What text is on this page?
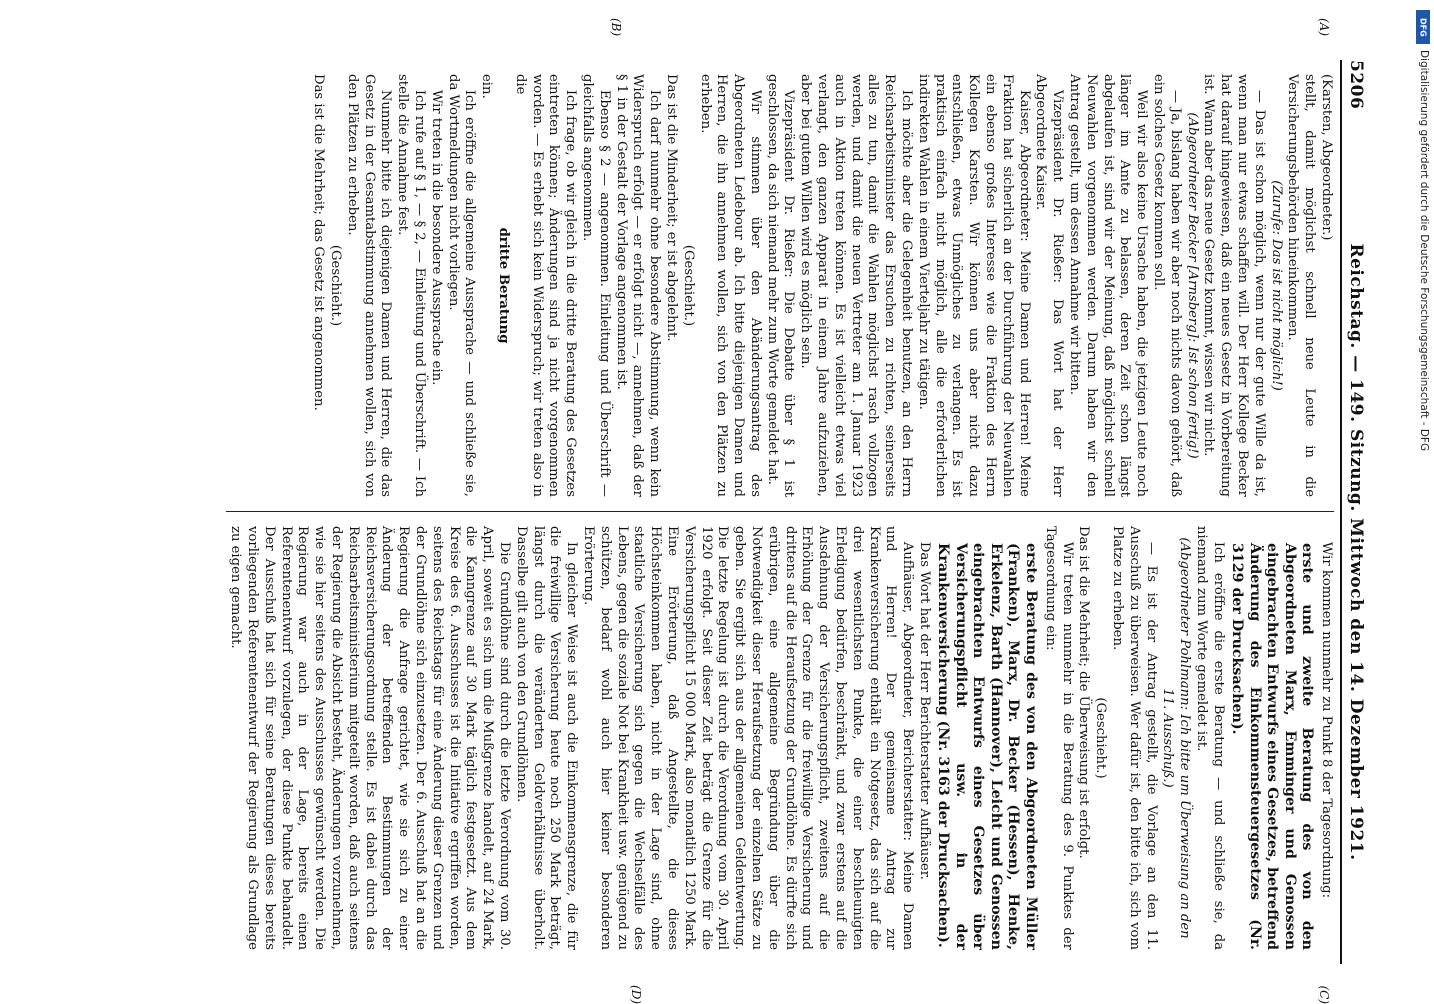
5206
Reichstag. — 149. Sitzung. Mittwoch den 14. Dezember 1921.
(A)
(B)

(Karsten, Abgeordneter.)

stellt, damit möglichst schnell neue Leute in die Versicherungsbehörden hineinkommen.

(Zurufe: Das ist nicht möglich!)

— Das ist schon möglich, wenn nur der gute Wille da ist, wenn man nur etwas schaffen will. Der Herr Kollege Becker hat darauf hingewiesen, daß ein neues Gesetz in Vorbereitung ist. Wann aber das neue Gesetz kommt, wissen wir nicht.

(Abgeordneter Becker [Arnsberg]: Ist schon fertig!)

— Ja, bislang haben wir aber noch nichts davon gehört, daß ein solches Gesetz kommen soll.

Weil wir also keine Ursache haben, die jetzigen Leute noch länger im Amte zu belassen, deren Zeit schon längst abgelaufen ist, sind wir der Meinung, daß möglichst schnell Neuwahlen vorgenommen werden. Darum haben wir den Antrag gestellt, um dessen Annahme wir bitten.

Vizepräsident Dr. Rießer: Das Wort hat der Herr Abgeordnete Kaiser.

Kaiser, Abgeordneter: Meine Damen und Herren! Meine Fraktion hat sicherlich an der Durchführung der Neuwahlen ein ebenso großes Interesse wie die Fraktion des Herrn Kollegen Karsten. Wir können uns aber nicht dazu entschließen, etwas Unmögliches zu verlangen. Es ist praktisch einfach nicht möglich, alle die erforderlichen indirekten Wahlen in einem Vierteljahr zu tätigen.

Ich möchte aber die Gelegenheit benutzen, an den Herrn Reichsarbeitsminister das Ersuchen zu richten, seinerseits alles zu tun, damit die Wahlen möglichst rasch vollzogen werden, und damit die neuen Vertreter am 1. Januar 1923 auch in Aktion treten können. Es ist vielleicht etwas viel verlangt, den ganzen Apparat in einem Jahre aufzuziehen, aber bei gutem Willen wird es möglich sein.

Vizepräsident Dr. Rießer: Die Debatte über § 1 ist geschlossen, da sich niemand mehr zum Worte gemeldet hat.

Wir stimmen über den Abänderungsantrag des Abgeordneten Ledebour ab. Ich bitte diejenigen Damen und Herren, die ihn annehmen wollen, sich von den Plätzen zu erheben.

(Geschieht.)

Das ist die Minderheit; er ist abgelehnt.

Ich darf nunmehr ohne besondere Abstimmung, wenn kein Widerspruch erfolgt — er erfolgt nicht —, annehmen, daß der § 1 in der Gestalt der Vorlage angenommen ist.

Ebenso § 2 — angenommen. Einleitung und Überschrift — gleichfalls angenommen.

Ich frage, ob wir gleich in die dritte Beratung des Gesetzes eintreten können; Änderungen sind ja nicht vorgenommen worden. — Es erhebt sich kein Widerspruch; wir treten also in die

dritte Beratung

ein.

Ich eröffne die allgemeine Aussprache — und schließe sie, da Wortmeldungen nicht vorliegen.

Wir treten in die besondere Aussprache ein.

Ich rufe auf § 1, — § 2, — Einleitung und Überschrift. — Ich stelle die Annahme fest.

Nunmehr bitte ich diejenigen Damen und Herren, die das Gesetz in der Gesamtabstimmung annehmen wollen, sich von den Plätzen zu erheben.

(Geschieht.)

Das ist die Mehrheit; das Gesetz ist angenommen.

(C)
(D)

Wir kommen nunmehr zu Punkt 8 der Tagesordnung:

erste und zweite Beratung des von den Abgeordneten Marx, Emminger und Genossen eingebrachten Entwurfs eines Gesetzes, betreffend Änderung des Einkommensteuergesetzes (Nr. 3129 der Drucksachen).

Ich eröffne die erste Beratung — und schließe sie, da niemand zum Worte gemeldet ist.

(Abgeordneter Pohlmann: Ich bitte um Überweisung an den 11. Ausschuß.)

— Es ist der Antrag gestellt, die Vorlage an den 11. Ausschuß zu überweisen. Wer dafür ist, den bitte ich, sich vom Platze zu erheben.

(Geschieht.)

Das ist die Mehrheit; die Überweisung ist erfolgt.

Wir treten nunmehr in die Beratung des 9. Punktes der Tagesordnung ein:

erste Beratung des von den Abgeordneten Müller (Franken), Marx, Dr. Becker (Hessen), Henke, Erkelenz, Barth (Hannover), Leicht und Genossen eingebrachten Entwurfs eines Gesetzes über Versicherungspflicht usw. in der Krankenversicherung (Nr. 3163 der Drucksachen).

Das Wort hat der Herr Berichterstatter Aufhäuser.

Aufhäuser, Abgeordneter, Berichterstatter: Meine Damen und Herren! Der gemeinsame Antrag zur Krankenversicherung enthält ein Notgesetz, das sich auf die drei wesentlichsten Punkte, die einer beschleunigten Erledigung bedürfen, beschränkt, und zwar erstens auf die Ausdehnung der Versicherungspflicht, zweitens auf die Erhöhung der Grenze für die freiwillige Versicherung und drittens auf die Heraufsetzung der Grundlöhne. Es dürfte sich erübrigen, eine allgemeine Begründung über die Notwendigkeit dieser Heraufsetzung der einzelnen Sätze zu geben. Sie ergibt sich aus der allgemeinen Geldentwertung. Die letzte Regelung ist durch die Verordnung vom 30. April 1920 erfolgt. Seit dieser Zeit beträgt die Grenze für die Versicherungspflicht 15 000 Mark, also monatlich 1250 Mark. Eine Erörterung, daß Angestellte, die dieses Höchsteinkommen haben, nicht in der Lage sind, ohne staatliche Versicherung sich gegen die Wechselfälle des Lebens, gegen die soziale Not bei Krankheit usw. genügend zu schützen, bedarf wohl auch hier keiner besonderen Erörterung.

In gleicher Weise ist auch die Einkommensgrenze, die für die freiwillige Versicherung heute noch 250 Mark beträgt, längst durch die veränderten Geldverhältnisse überholt. Dasselbe gilt auch von den Grundlöhnen.

Die Grundlöhne sind durch die letzte Verordnung vom 30. April, soweit es sich um die Mußgrenze handelt, auf 24 Mark, die Kanngrenze auf 30 Mark täglich festgesetzt. Aus dem Kreise des 6. Ausschusses ist die Initiative ergriffen worden, seitens des Reichstags für eine Änderung dieser Grenzen und der Grundlöhne sich einzusetzen. Der 6. Ausschuß hat an die Regierung die Anfrage gerichtet, wie sie sich zu einer Änderung der betreffenden Bestimmungen der Reichsversicherungsordnung stelle. Es ist dabei durch das Reichsarbeitsministerium mitgeteilt worden, daß auch seitens der Regierung die Absicht besteht, Änderungen vorzunehmen, wie sie hier seitens des Ausschusses gewünscht werden. Die Regierung war auch in der Lage, bereits einen Referentenentwurf vorzulegen, der diese Punkte behandelt. Der Ausschuß hat sich für seine Beratungen dieses bereits vorliegenden Referentenentwurf der Regierung als Grundlage zu eigen gemacht.

DFG
Digitalisierung gefördert durch die Deutsche Forschungsgemeinschaft - DFG
